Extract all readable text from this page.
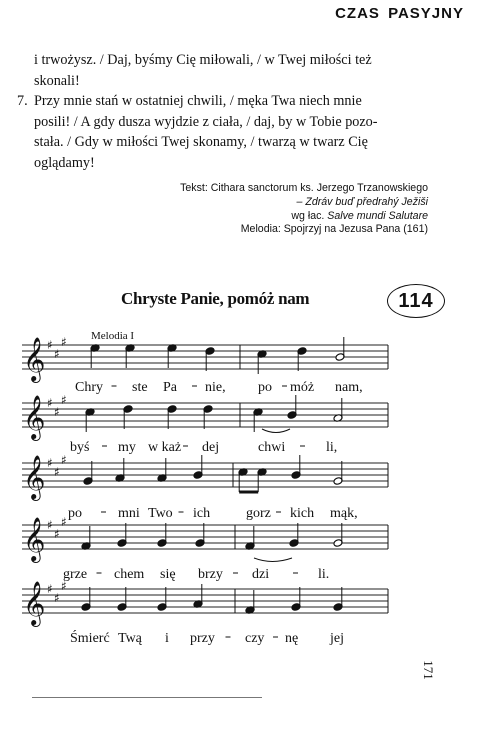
CZAS PASYJNY
i trwożysz. / Daj, byśmy Cię miłowali, / w Twej miłości też
skonali!
7. Przy mnie stań w ostatniej chwili, / męka Twa niech mnie
posili! / A gdy dusza wyjdzie z ciała, / daj, by w Tobie pozo-
stała. / Gdy w miłości Twej skonamy, / twarzą w twarz Cię
oglądamy!
Tekst: Cithara sanctorum ks. Jerzego Trzanowskiego
– Zdráv buď předrahý Ježiši
wg łac. Salve mundi Salutare
Melodia: Spojrzyj na Jezusa Pana (161)
Chryste Panie, pomóż nam	114
Melodia I
𝄞 ♯
♯
♯
Chry ste Pa nie, po móż nam,
𝄞 ♯
♯
♯
byś my w każ dej	chwi	li,
𝄞 ♯
♯
♯
po	mni Two ich	gorz kich mąk,
𝄞 ♯
♯
♯
grze chem się brzy dzi	li.
𝄞 ♯
♯
♯
Śmierć Twą i przy czy nę jej
171
